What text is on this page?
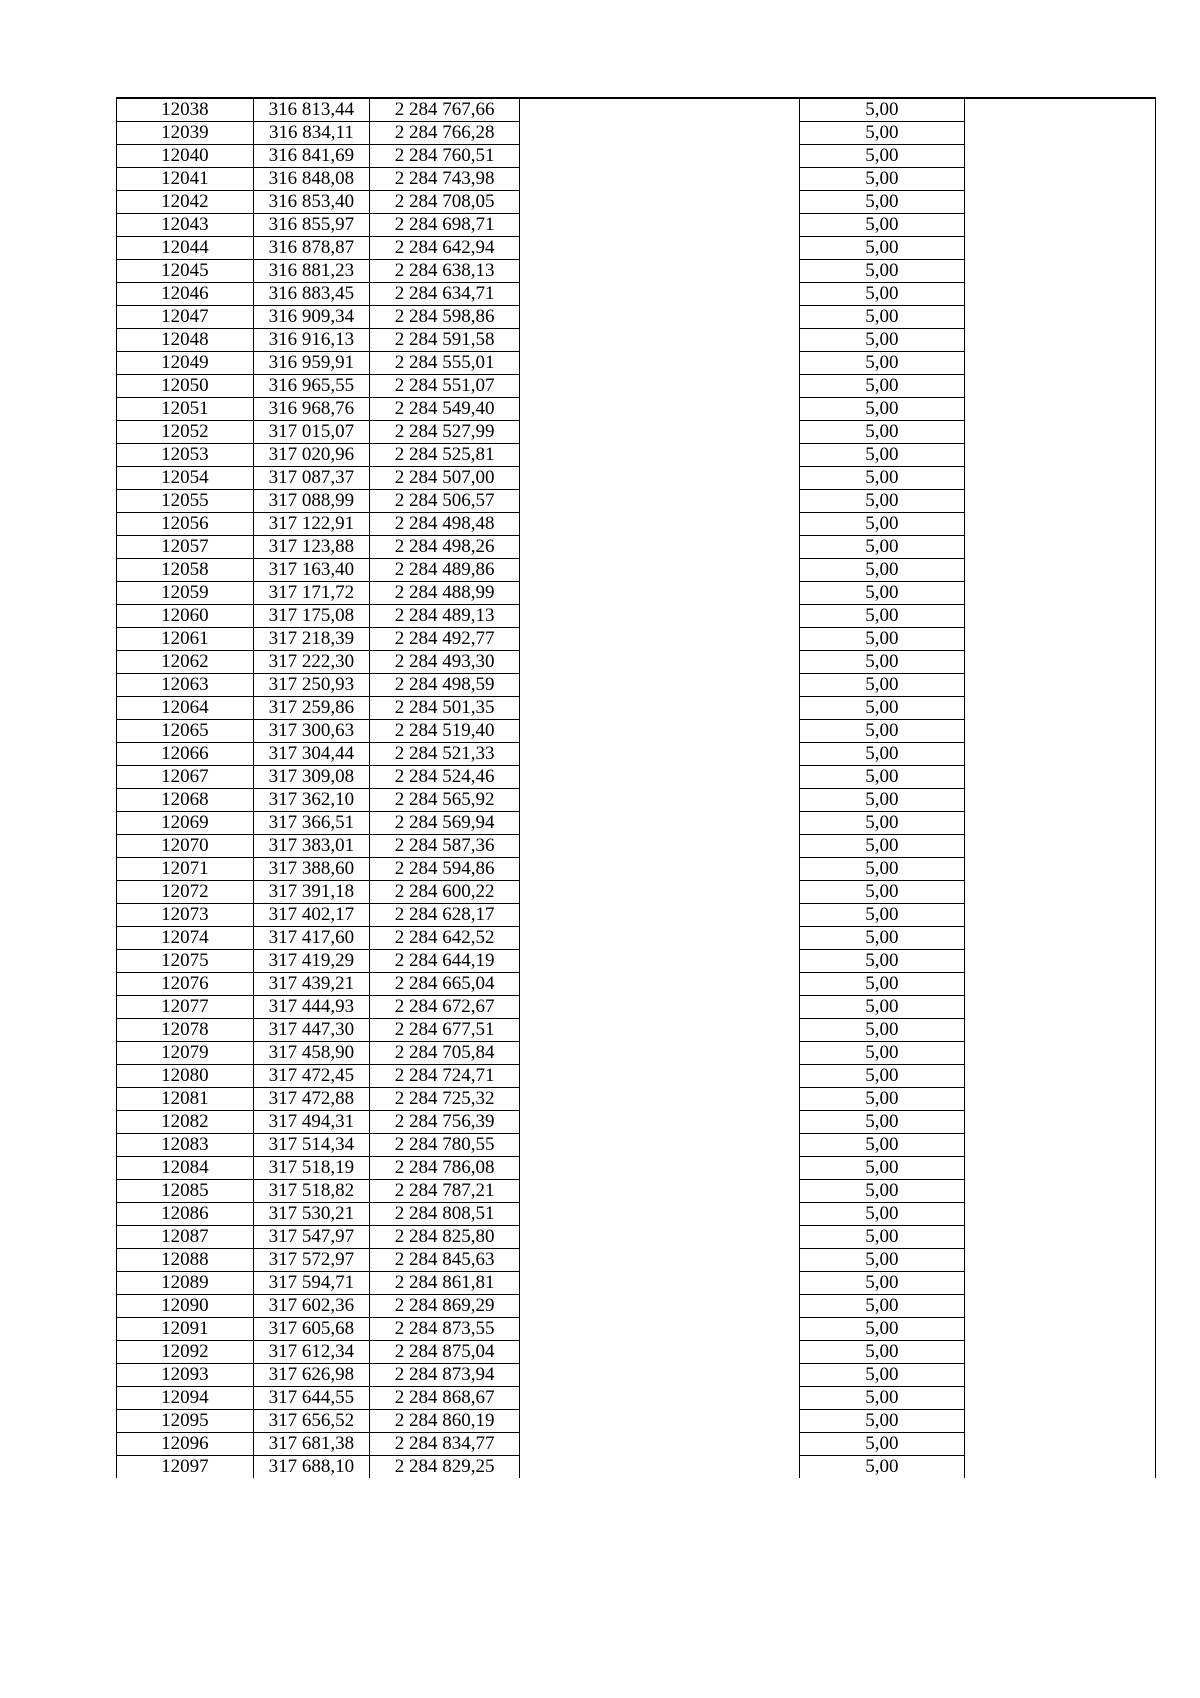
12038	316 813,44	2 284 767,66		5,00	
12039	316 834,11	2 284 766,28		5,00	
12040	316 841,69	2 284 760,51		5,00	
12041	316 848,08	2 284 743,98		5,00	
12042	316 853,40	2 284 708,05		5,00	
12043	316 855,97	2 284 698,71		5,00	
12044	316 878,87	2 284 642,94		5,00	
12045	316 881,23	2 284 638,13		5,00	
12046	316 883,45	2 284 634,71		5,00	
12047	316 909,34	2 284 598,86		5,00	
12048	316 916,13	2 284 591,58		5,00	
12049	316 959,91	2 284 555,01		5,00	
12050	316 965,55	2 284 551,07		5,00	
12051	316 968,76	2 284 549,40		5,00	
12052	317 015,07	2 284 527,99		5,00	
12053	317 020,96	2 284 525,81		5,00	
12054	317 087,37	2 284 507,00		5,00	
12055	317 088,99	2 284 506,57		5,00	
12056	317 122,91	2 284 498,48		5,00	
12057	317 123,88	2 284 498,26		5,00	
12058	317 163,40	2 284 489,86		5,00	
12059	317 171,72	2 284 488,99		5,00	
12060	317 175,08	2 284 489,13		5,00	
12061	317 218,39	2 284 492,77		5,00	
12062	317 222,30	2 284 493,30		5,00	
12063	317 250,93	2 284 498,59		5,00	
12064	317 259,86	2 284 501,35		5,00	
12065	317 300,63	2 284 519,40		5,00	
12066	317 304,44	2 284 521,33		5,00	
12067	317 309,08	2 284 524,46		5,00	
12068	317 362,10	2 284 565,92		5,00	
12069	317 366,51	2 284 569,94		5,00	
12070	317 383,01	2 284 587,36		5,00	
12071	317 388,60	2 284 594,86		5,00	
12072	317 391,18	2 284 600,22		5,00	
12073	317 402,17	2 284 628,17		5,00	
12074	317 417,60	2 284 642,52		5,00	
12075	317 419,29	2 284 644,19		5,00	
12076	317 439,21	2 284 665,04		5,00	
12077	317 444,93	2 284 672,67		5,00	
12078	317 447,30	2 284 677,51		5,00	
12079	317 458,90	2 284 705,84		5,00	
12080	317 472,45	2 284 724,71		5,00	
12081	317 472,88	2 284 725,32		5,00	
12082	317 494,31	2 284 756,39		5,00	
12083	317 514,34	2 284 780,55		5,00	
12084	317 518,19	2 284 786,08		5,00	
12085	317 518,82	2 284 787,21		5,00	
12086	317 530,21	2 284 808,51		5,00	
12087	317 547,97	2 284 825,80		5,00	
12088	317 572,97	2 284 845,63		5,00	
12089	317 594,71	2 284 861,81		5,00	
12090	317 602,36	2 284 869,29		5,00	
12091	317 605,68	2 284 873,55		5,00	
12092	317 612,34	2 284 875,04		5,00	
12093	317 626,98	2 284 873,94		5,00	
12094	317 644,55	2 284 868,67		5,00	
12095	317 656,52	2 284 860,19		5,00	
12096	317 681,38	2 284 834,77		5,00	
12097	317 688,10	2 284 829,25		5,00	
